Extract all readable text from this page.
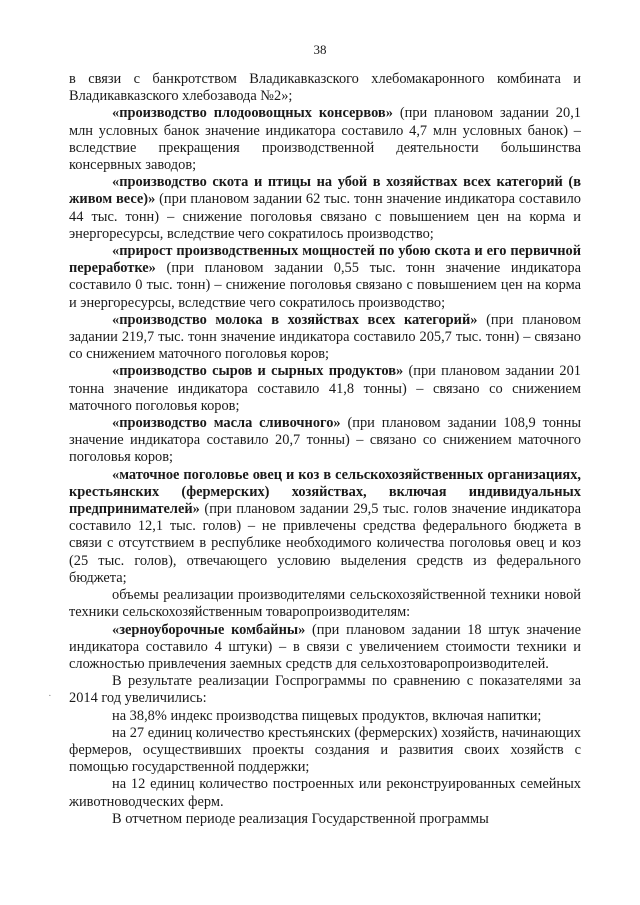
38

в связи с банкротством Владикавказского хлебомакаронного комбината и Владикавказского хлебозавода №2»;

«производство плодоовощных консервов» (при плановом задании 20,1 млн условных банок значение индикатора составило 4,7 млн условных банок) – вследствие прекращения производственной деятельности большинства консервных заводов;

«производство скота и птицы на убой в хозяйствах всех категорий (в живом весе)» (при плановом задании 62 тыс. тонн значение индикатора составило 44 тыс. тонн) – снижение поголовья связано с повышением цен на корма и энергоресурсы, вследствие чего сократилось производство;

«прирост производственных мощностей по убою скота и его первичной переработке» (при плановом задании 0,55 тыс. тонн значение индикатора составило 0 тыс. тонн) – снижение поголовья связано с повышением цен на корма и энергоресурсы, вследствие чего сократилось производство;

«производство молока в хозяйствах всех категорий» (при плановом задании 219,7 тыс. тонн значение индикатора составило 205,7 тыс. тонн) – связано со снижением маточного поголовья коров;

«производство сыров и сырных продуктов» (при плановом задании 201 тонна значение индикатора составило 41,8 тонны) – связано со снижением маточного поголовья коров;

«производство масла сливочного» (при плановом задании 108,9 тонны значение индикатора составило 20,7 тонны) – связано со снижением маточного поголовья коров;

«маточное поголовье овец и коз в сельскохозяйственных организациях, крестьянских (фермерских) хозяйствах, включая индивидуальных предпринимателей» (при плановом задании 29,5 тыс. голов значение индикатора составило 12,1 тыс. голов) – не привлечены средства федерального бюджета в связи с отсутствием в республике необходимого количества поголовья овец и коз (25 тыс. голов), отвечающего условию выделения средств из федерального бюджета;

объемы реализации производителями сельскохозяйственной техники новой техники сельскохозяйственным товаропроизводителям:

«зерноуборочные комбайны» (при плановом задании 18 штук значение индикатора составило 4 штуки) – в связи с увеличением стоимости техники и сложностью привлечения заемных средств для сельхозтоваропроизводителей.

В результате реализации Госпрограммы по сравнению с показателями за 2014 год увеличились:

на 38,8% индекс производства пищевых продуктов, включая напитки;

на 27 единиц количество крестьянских (фермерских) хозяйств, начинающих фермеров, осуществивших проекты создания и развития своих хозяйств с помощью государственной поддержки;

на 12 единиц количество построенных или реконструированных семейных животноводческих ферм.

В отчетном периоде реализация Государственной программы

·
